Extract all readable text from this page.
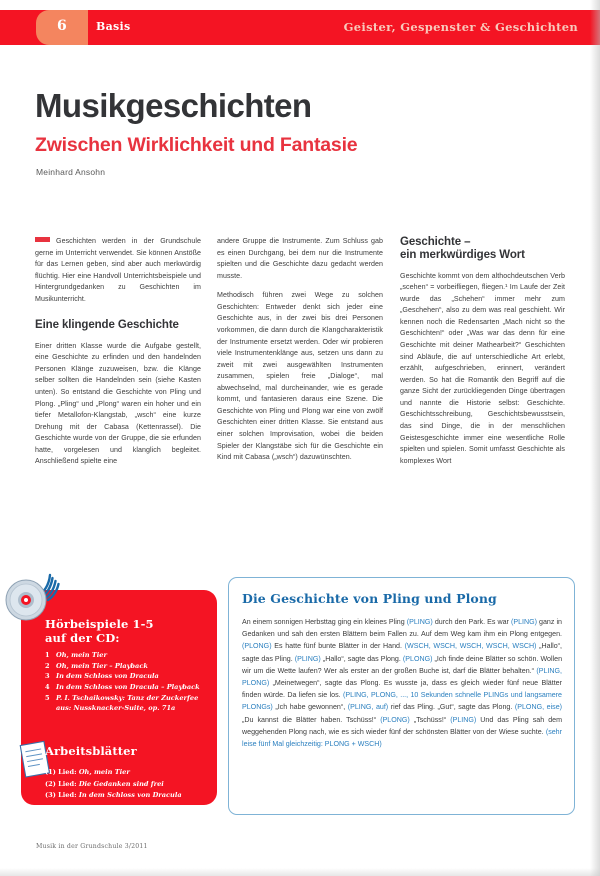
6	Basis	Geister, Gespenster & Geschichten
Musikgeschichten
Zwischen Wirklichkeit und Fantasie
Meinhard Ansohn

Geschichten werden in der Grundschule gerne im Unterricht verwendet. Sie können Anstöße für das Lernen geben, sind aber auch merkwürdig flüchtig. Hier eine Handvoll Unterrichtsbeispiele und Hintergrundgedanken zu Geschichten im Musikunterricht.

Eine klingende Geschichte

Einer dritten Klasse wurde die Aufgabe gestellt, eine Geschichte zu erfinden und den handelnden Personen Klänge zuzuweisen, bzw. die Klänge selber sollten die Handelnden sein (siehe Kasten unten). So entstand die Geschichte von Pling und Plong. „Pling“ und „Plong“ waren ein hoher und ein tiefer Metallofon-Klangstab, „wsch“ eine kurze Drehung mit der Cabasa (Kettenrassel). Die Geschichte wurde von der Gruppe, die sie erfunden hatte, vorgelesen und klanglich begleitet. Anschließend spielte eine

andere Gruppe die Instrumente. Zum Schluss gab es einen Durchgang, bei dem nur die Instrumente spielten und die Geschichte dazu gedacht werden musste.

Methodisch führen zwei Wege zu solchen Geschichten: Entweder denkt sich jeder eine Geschichte aus, in der zwei bis drei Personen vorkommen, die dann durch die Klangcharakteristik der Instrumente ersetzt werden. Oder wir probieren viele Instrumentenklänge aus, setzen uns dann zu zweit mit zwei ausgewählten Instrumenten zusammen, spielen freie „Dialoge“, mal abwechselnd, mal durcheinander, wie es gerade kommt, und fantasieren daraus eine Szene. Die Geschichte von Pling und Plong war eine von zwölf Geschichten einer dritten Klasse. Sie entstand aus einer solchen Improvisation, wobei die beiden Spieler der Klangstäbe sich für die Geschichte ein Kind mit Cabasa („wsch“) dazuwünschten.

Geschichte –
ein merkwürdiges Wort

Geschichte kommt von dem althochdeutschen Verb „scehen“ = vorbeifliegen, fliegen.¹ Im Laufe der Zeit wurde das „Schehen“ immer mehr zum „Geschehen“, also zu dem was real geschieht. Wir kennen noch die Redensarten „Mach nicht so the Geschichten!“ oder „Was war das denn für eine Geschichte mit deiner Mathearbeit?“ Geschichten sind Abläufe, die auf unterschiedliche Art erlebt, erzählt, aufgeschrieben, erinnert, verändert werden. So hat die Romantik den Begriff auf die ganze Sicht der zurückliegenden Dinge übertragen und nannte die Historie selbst: Geschichte. Geschichtsschreibung, Geschichtsbewusstsein, das sind Dinge, die in der menschlichen Geistesgeschichte immer eine wesentliche Rolle spielten und spielen. Somit umfasst Geschichte als komplexes Wort

Hörbeispiele 1-5
auf der CD:
1 Oh, mein Tier
2 Oh, mein Tier – Playback
3 In dem Schloss von Dracula
4 In dem Schloss von Dracula – Playback
5 P. I. Tschaikowsky: Tanz der Zuckerfee
aus: Nussknacker-Suite, op. 71a
Arbeitsblätter
(1) Lied: Oh, mein Tier
(2) Lied: Die Gedanken sind frei
(3) Lied: In dem Schloss von Dracula
Die Geschichte von Pling und Plong
An einem sonnigen Herbsttag ging ein kleines Pling (PLING) durch den Park. Es war (PLING) ganz in Gedanken und sah den ersten Blättern beim Fallen zu. Auf dem Weg kam ihm ein Plong entgegen. (PLONG) Es hatte fünf bunte Blätter in der Hand. (WSCH, WSCH, WSCH, WSCH, WSCH) „Hallo“, sagte das Pling. (PLING) „Hallo“, sagte das Plong. (PLONG) „Ich finde deine Blätter so schön. Wollen wir um die Wette laufen? Wer als erster an der großen Buche ist, darf die Blätter behalten.“ (PLING, PLONG) „Meinetwegen“, sagte das Plong. Es wusste ja, dass es gleich wieder fünf neue Blätter finden würde. Da liefen sie los. (PLING, PLONG, ..., 10 Sekunden schnelle PLINGs und langsamere PLONGs) „Ich habe gewonnen“, (PLING, auf) rief das Pling. „Gut“, sagte das Plong. (PLONG, eise) „Du kannst die Blätter haben. Tschüss!“ (PLONG) „Tschüss!“ (PLING) Und das Pling sah dem weggehenden Plong nach, wie es sich wieder fünf der schönsten Blätter von der Wiese suchte. (sehr leise fünf Mal gleichzeitig: PLONG + WSCH)
Musik in der Grundschule 3/2011
